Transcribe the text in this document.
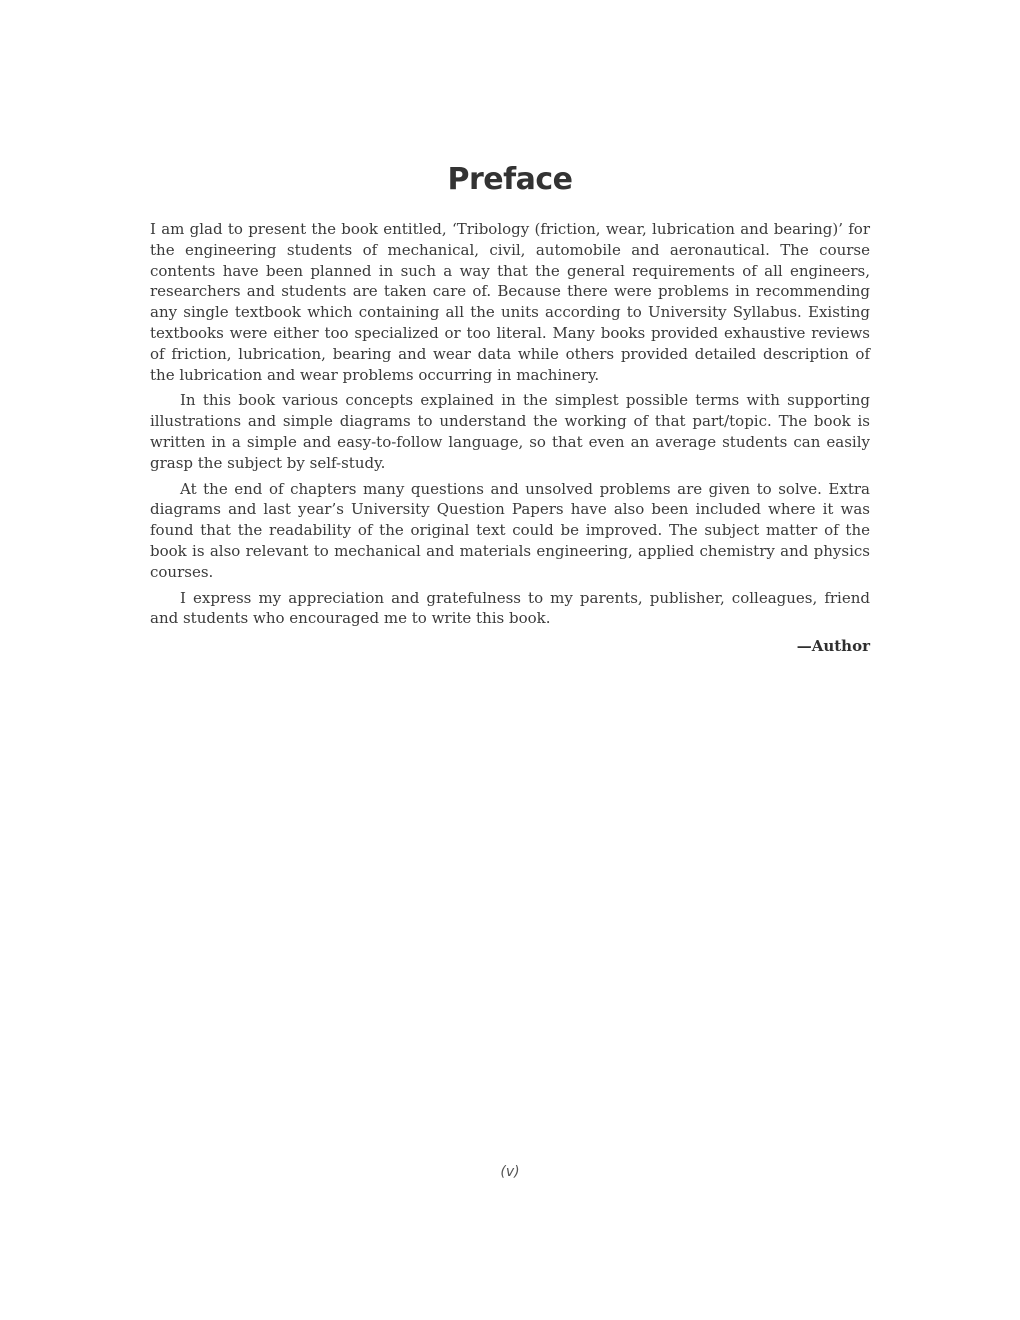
Preface

I am glad to present the book entitled, ‘Tribology (friction, wear, lubrication and bearing)’ for the engineering students of mechanical, civil, automobile and aeronautical. The course contents have been planned in such a way that the general requirements of all engineers, researchers and students are taken care of. Because there were problems in recommending any single textbook which containing all the units according to University Syllabus. Existing textbooks were either too specialized or too literal. Many books provided exhaustive reviews of friction, lubrication, bearing and wear data while others provided detailed description of the lubrication and wear problems occurring in machinery.

In this book various concepts explained in the simplest possible terms with supporting illustrations and simple diagrams to understand the working of that part/topic. The book is written in a simple and easy-to-follow language, so that even an average students can easily grasp the subject by self-study.

At the end of chapters many questions and unsolved problems are given to solve. Extra diagrams and last year’s University Question Papers have also been included where it was found that the readability of the original text could be improved. The subject matter of the book is also relevant to mechanical and materials engineering, applied chemistry and physics courses.

I express my appreciation and gratefulness to my parents, publisher, colleagues, friend and students who encouraged me to write this book.

—Author
(v)
